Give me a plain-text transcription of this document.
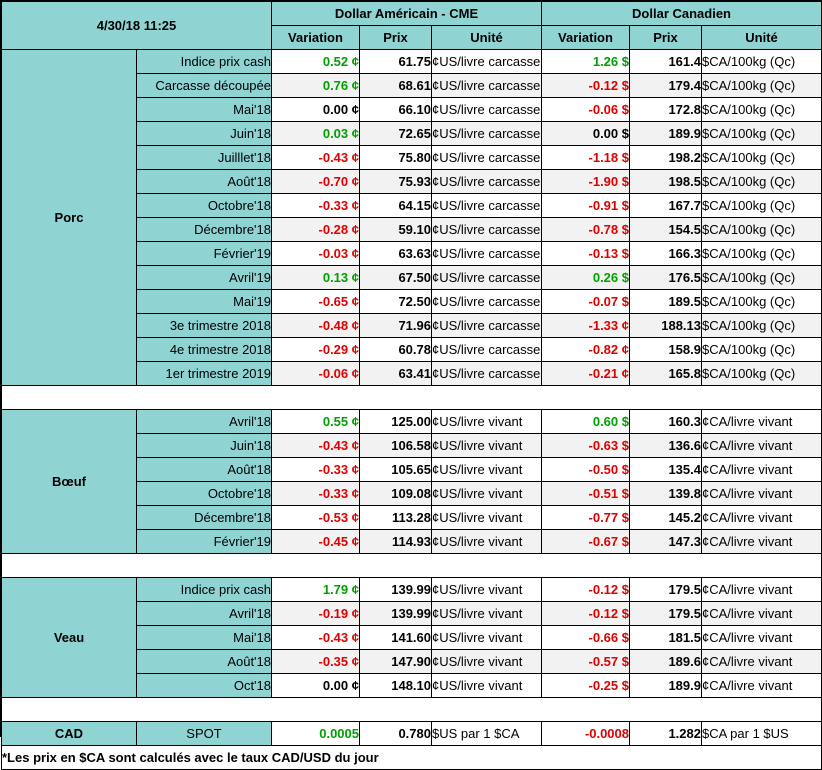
4/30/18 11:25		Dollar Américain - CME			Dollar Canadien		
		Variation	Prix	Unité	Variation	Prix	Unité
Porc	Indice prix cash	0.52 ¢	61.75	¢US/livre carcasse	1.26 $	161.4	$CA/100kg (Qc)
	Carcasse découpée	0.76 ¢	68.61	¢US/livre carcasse	-0.12 $	179.4	$CA/100kg (Qc)
	Mai'18	0.00 ¢	66.10	¢US/livre carcasse	-0.06 $	172.8	$CA/100kg (Qc)
	Juin'18	0.03 ¢	72.65	¢US/livre carcasse	0.00 $	189.9	$CA/100kg (Qc)
	Juilllet'18	-0.43 ¢	75.80	¢US/livre carcasse	-1.18 $	198.2	$CA/100kg (Qc)
	Août'18	-0.70 ¢	75.93	¢US/livre carcasse	-1.90 $	198.5	$CA/100kg (Qc)
	Octobre'18	-0.33 ¢	64.15	¢US/livre carcasse	-0.91 $	167.7	$CA/100kg (Qc)
	Décembre'18	-0.28 ¢	59.10	¢US/livre carcasse	-0.78 $	154.5	$CA/100kg (Qc)
	Février'19	-0.03 ¢	63.63	¢US/livre carcasse	-0.13 $	166.3	$CA/100kg (Qc)
	Avril'19	0.13 ¢	67.50	¢US/livre carcasse	0.26 $	176.5	$CA/100kg (Qc)
	Mai'19	-0.65 ¢	72.50	¢US/livre carcasse	-0.07 $	189.5	$CA/100kg (Qc)
	3e trimestre 2018	-0.48 ¢	71.96	¢US/livre carcasse	-1.33 ¢	188.13	$CA/100kg (Qc)
	4e trimestre 2018	-0.29 ¢	60.78	¢US/livre carcasse	-0.82 ¢	158.9	$CA/100kg (Qc)
	1er trimestre 2019	-0.06 ¢	63.41	¢US/livre carcasse	-0.21 ¢	165.8	$CA/100kg (Qc)

Bœuf	Avril'18	0.55 ¢	125.00	¢US/livre vivant	0.60 $	160.3	¢CA/livre vivant
	Juin'18	-0.43 ¢	106.58	¢US/livre vivant	-0.63 $	136.6	¢CA/livre vivant
	Août'18	-0.33 ¢	105.65	¢US/livre vivant	-0.50 $	135.4	¢CA/livre vivant
	Octobre'18	-0.33 ¢	109.08	¢US/livre vivant	-0.51 $	139.8	¢CA/livre vivant
	Décembre'18	-0.53 ¢	113.28	¢US/livre vivant	-0.77 $	145.2	¢CA/livre vivant
	Février'19	-0.45 ¢	114.93	¢US/livre vivant	-0.67 $	147.3	¢CA/livre vivant

Veau	Indice prix cash	1.79 ¢	139.99	¢US/livre vivant	-0.12 $	179.5	¢CA/livre vivant
	Avril'18	-0.19 ¢	139.99	¢US/livre vivant	-0.12 $	179.5	¢CA/livre vivant
	Mai'18	-0.43 ¢	141.60	¢US/livre vivant	-0.66 $	181.5	¢CA/livre vivant
	Août'18	-0.35 ¢	147.90	¢US/livre vivant	-0.57 $	189.6	¢CA/livre vivant
	Oct'18	0.00 ¢	148.10	¢US/livre vivant	-0.25 $	189.9	¢CA/livre vivant

CAD	SPOT	0.0005	0.780	$US par 1 $CA	-0.0008	1.282	$CA par 1 $US
*Les prix en $CA sont calculés avec le taux CAD/USD du jour							
